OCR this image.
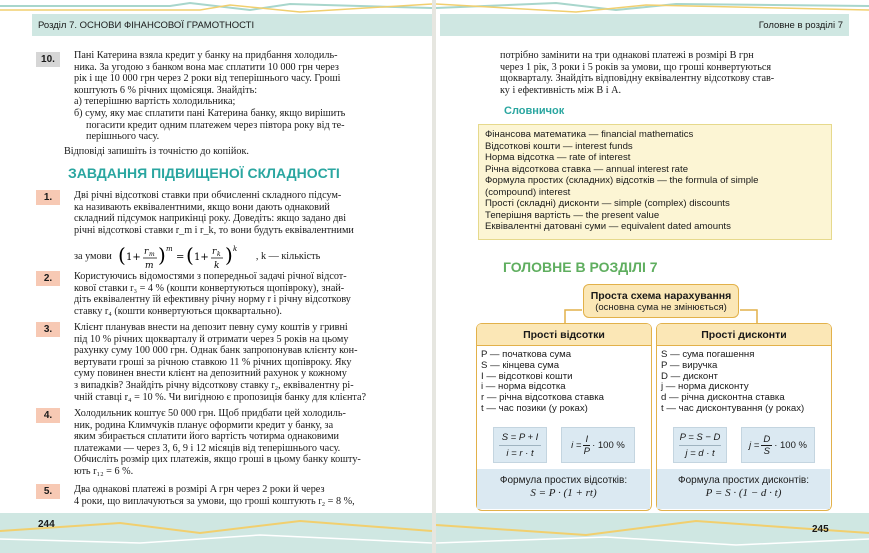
Розділ 7. ОСНОВИ ФІНАНСОВОЇ ГРАМОТНОСТІ	Головне в розділі 7
10.	Пані Катерина взяла кредит у банку на придбання холодиль-
ника. За угодою з банком вона має сплатити 10 000 грн через
рік і ще 10 000 грн через 2 роки від теперішнього часу. Гроші
коштують 6 % річних щомісяця. Знайдіть:
а) теперішню вартість холодильника;
б) суму, яку має сплатити пані Катерина банку, якщо вирішить
погасити кредит одним платежем через півтора року від те-
перішнього часу.
Відповіді запишіть із точністю до копійок.
ЗАВДАННЯ ПІДВИЩЕНОЇ СКЛАДНОСТІ
1.	Дві річні відсоткові ставки при обчисленні складного підсум-
ка називають еквівалентними, якщо вони дають однаковий
складний підсумок наприкінці року. Доведіть: якщо задано дві
річні відсоткові ставки r_m і r_k, то вони будуть еквівалентними
за умови ( 1+ r m
m ) m
= ( 1+ r k
k ) k
, k — кількість
2.	Користуючись відомостями з попередньої задачі річної відсот-
кової ставки r₃ = 4 % (кошти конвертуються щопівроку), знай-
діть еквівалентну їй ефективну річну норму r і річну відсоткову
ставку r₄ (кошти конвертуються щоквартально).
3.	Клієнт планував внести на депозит певну суму коштів у гривні
під 10 % річних щокварталу й отримати через 5 років на цьому
рахунку суму 100 000 грн. Однак банк запропонував клієнту кон-
вертувати гроші за річною ставкою 11 % річних щопівроку. Яку
суму повинен внести клієнт на депозитний рахунок у кожному
з випадків? Знайдіть річну відсоткову ставку r₂, еквівалентну рі-
чній ставці r₄ = 10 %. Чи вигідною є пропозиція банку для клієнта?
4.	Холодильник коштує 50 000 грн. Щоб придбати цей холодиль-
ник, родина Климчуків планує оформити кредит у банку, за
яким збирається сплатити його вартість чотирма однаковими
платежами — через 3, 6, 9 і 12 місяців від теперішнього часу.
Обчисліть розмір цих платежів, якщо гроші в цьому банку кошту-
ють r₁₂ = 6 %.
5.	Два однакові платежі в розмірі A грн через 2 роки й через
4 роки, що виплачуються за умови, що гроші коштують r₂ = 8 %,
потрібно замінити на три однакові платежі в розмірі B грн
через 1 рік, 3 роки і 5 років за умови, що гроші конвертуються
щокварталу. Знайдіть відповідну еквівалентну відсоткову став-
ку і ефективність між B і A.
Словничок
Фінансова математика — financial mathematics
Відсоткові кошти — interest funds
Норма відсотка — rate of interest
Річна відсоткова ставка — annual interest rate
Формула простих (складних) відсотків — the formula of simple
(compound) interest
Прості (складні) дисконти — simple (complex) discounts
Теперішня вартість — the present value
Еквівалентні датовані суми — equivalent dated amounts
ГОЛОВНЕ В РОЗДІЛІ 7
Проста схема нарахування
(основна сума не змінюється)
Прості відсотки
P — початкова сума
S — кінцева сума
I — відсоткові кошти
i — норма відсотка
r — річна відсоткова ставка
t — час позики (у роках)
S = P + I
i = r · t
$i = \frac{I}{P} \cdot 100$ %
Формула простих відсотків:
S = P · (1 + rt)
Прості дисконти
S — сума погашення
P — виручка
D — дисконт
j — норма дисконту
d — річна дисконтна ставка
t — час дисконтування (у роках)
P = S − D
j = d · t
$j = \frac{D}{S} \cdot 100$ %
Формула простих дисконтів:
P = S · (1 − d · t)
244	245
